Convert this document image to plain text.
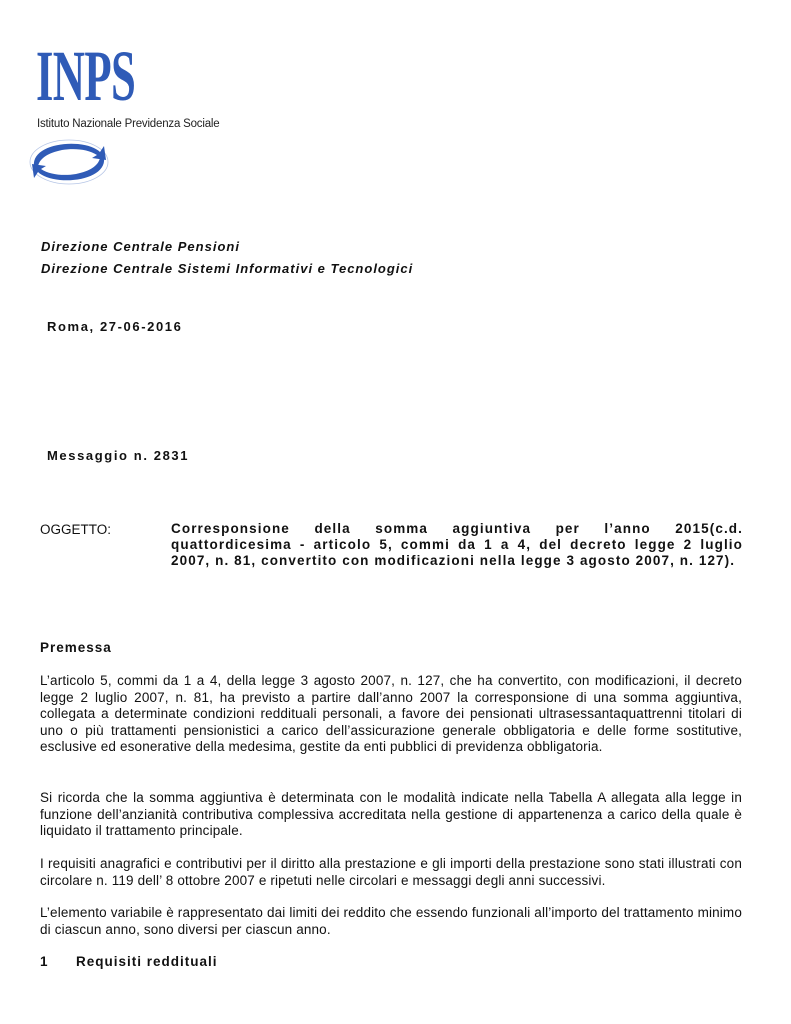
INPS
Istituto Nazionale Previdenza Sociale
Direzione Centrale Pensioni
Direzione Centrale Sistemi Informativi e Tecnologici
Roma, 27-06-2016
Messaggio n. 2831
OGGETTO:	Corresponsione della somma aggiuntiva per l’anno 2015(c.d. quattordicesima - articolo 5, commi da 1 a 4, del decreto legge 2 luglio 2007, n. 81, convertito con modificazioni nella legge 3 agosto 2007, n. 127).
Premessa

L’articolo 5, commi da 1 a 4, della legge 3 agosto 2007, n. 127, che ha convertito, con modificazioni, il decreto legge 2 luglio 2007, n. 81, ha previsto a partire dall’anno 2007 la corresponsione di una somma aggiuntiva, collegata a determinate condizioni reddituali personali, a favore dei pensionati ultrasessantaquattrenni titolari di uno o più trattamenti pensionistici a carico dell’assicurazione generale obbligatoria e delle forme sostitutive, esclusive ed esonerative della medesima, gestite da enti pubblici di previdenza obbligatoria.

Si ricorda che la somma aggiuntiva è determinata con le modalità indicate nella Tabella A allegata alla legge in funzione dell’anzianità contributiva complessiva accreditata nella gestione di appartenenza a carico della quale è liquidato il trattamento principale.

I requisiti anagrafici e contributivi per il diritto alla prestazione e gli importi della prestazione sono stati illustrati con circolare n. 119 dell’ 8 ottobre 2007 e ripetuti nelle circolari e messaggi degli anni successivi.

L’elemento variabile è rappresentato dai limiti dei reddito che essendo funzionali all’importo del trattamento minimo di ciascun anno, sono diversi per ciascun anno.

1 Requisiti reddituali
